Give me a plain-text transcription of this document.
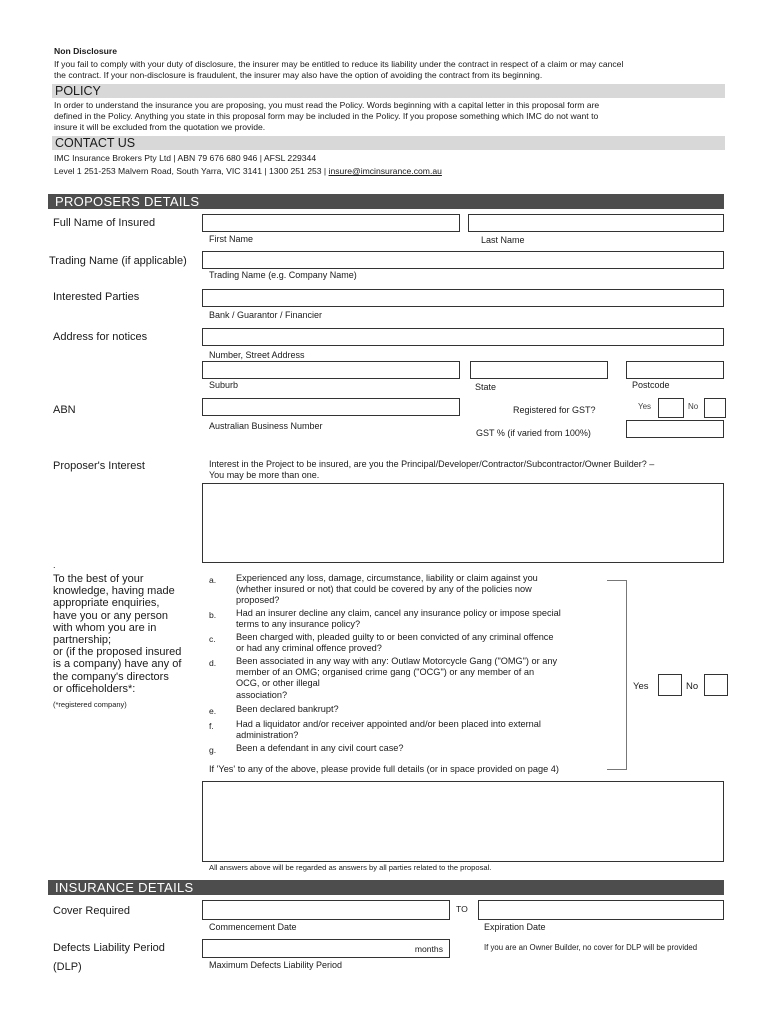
Non Disclosure
If you fail to comply with your duty of disclosure, the insurer may be entitled to reduce its liability under the contract in respect of a claim or may cancel
the contract. If your non-disclosure is fraudulent, the insurer may also have the option of avoiding the contract from its beginning.
POLICY
In order to understand the insurance you are proposing, you must read the Policy. Words beginning with a capital letter in this proposal form are
defined in the Policy. Anything you state in this proposal form may be included in the Policy. If you propose something which IMC do not want to
insure it will be excluded from the quotation we provide.
CONTACT US
IMC Insurance Brokers Pty Ltd | ABN 79 676 680 946 | AFSL 229344
Level 1 251-253 Malvern Road, South Yarra, VIC 3141 | 1300 251 253 | insure@imcinsurance.com.au
PROPOSERS DETAILS
Full Name of Insured
First Name	Last Name
Trading Name (if applicable)
Trading Name (e.g. Company Name)
Interested Parties
Bank / Guarantor / Financier
Address for notices
Number, Street Address
Suburb	State	Postcode
ABN
Australian Business Number
Registered for GST?	Yes	No
GST % (if varied from 100%)
Proposer's Interest	Interest in the Project to be insured, are you the Principal/Developer/Contractor/Subcontractor/Owner Builder? –
You may be more than one.
.
To the best of your
knowledge, having made
appropriate enquiries,
have you or any person
with whom you are in
partnership;
or (if the proposed insured
is a company) have any of
the company's directors
or officeholders*:
(*registered company)
a. Experienced any loss, damage, circumstance, liability or claim against you
(whether insured or not) that could be covered by any of the policies now
proposed?
b. Had an insurer decline any claim, cancel any insurance policy or impose special
terms to any insurance policy?
c. Been charged with, pleaded guilty to or been convicted of any criminal offence
or had any criminal offence proved?
d. Been associated in any way with any: Outlaw Motorcycle Gang ("OMG") or any
member of an OMG; organised crime gang ("OCG") or any member of an
OCG, or other illegal
association?
e. Been declared bankrupt?
f. Had a liquidator and/or receiver appointed and/or been placed into external
administration?
g. Been a defendant in any civil court case?
Yes	No
If 'Yes' to any of the above, please provide full details (or in space provided on page 4)
All answers above will be regarded as answers by all parties related to the proposal.
INSURANCE DETAILS
Cover Required	TO
Commencement Date	Expiration Date
Defects Liability Period
(DLP)
months
Maximum Defects Liability Period
If you are an Owner Builder, no cover for DLP will be provided
